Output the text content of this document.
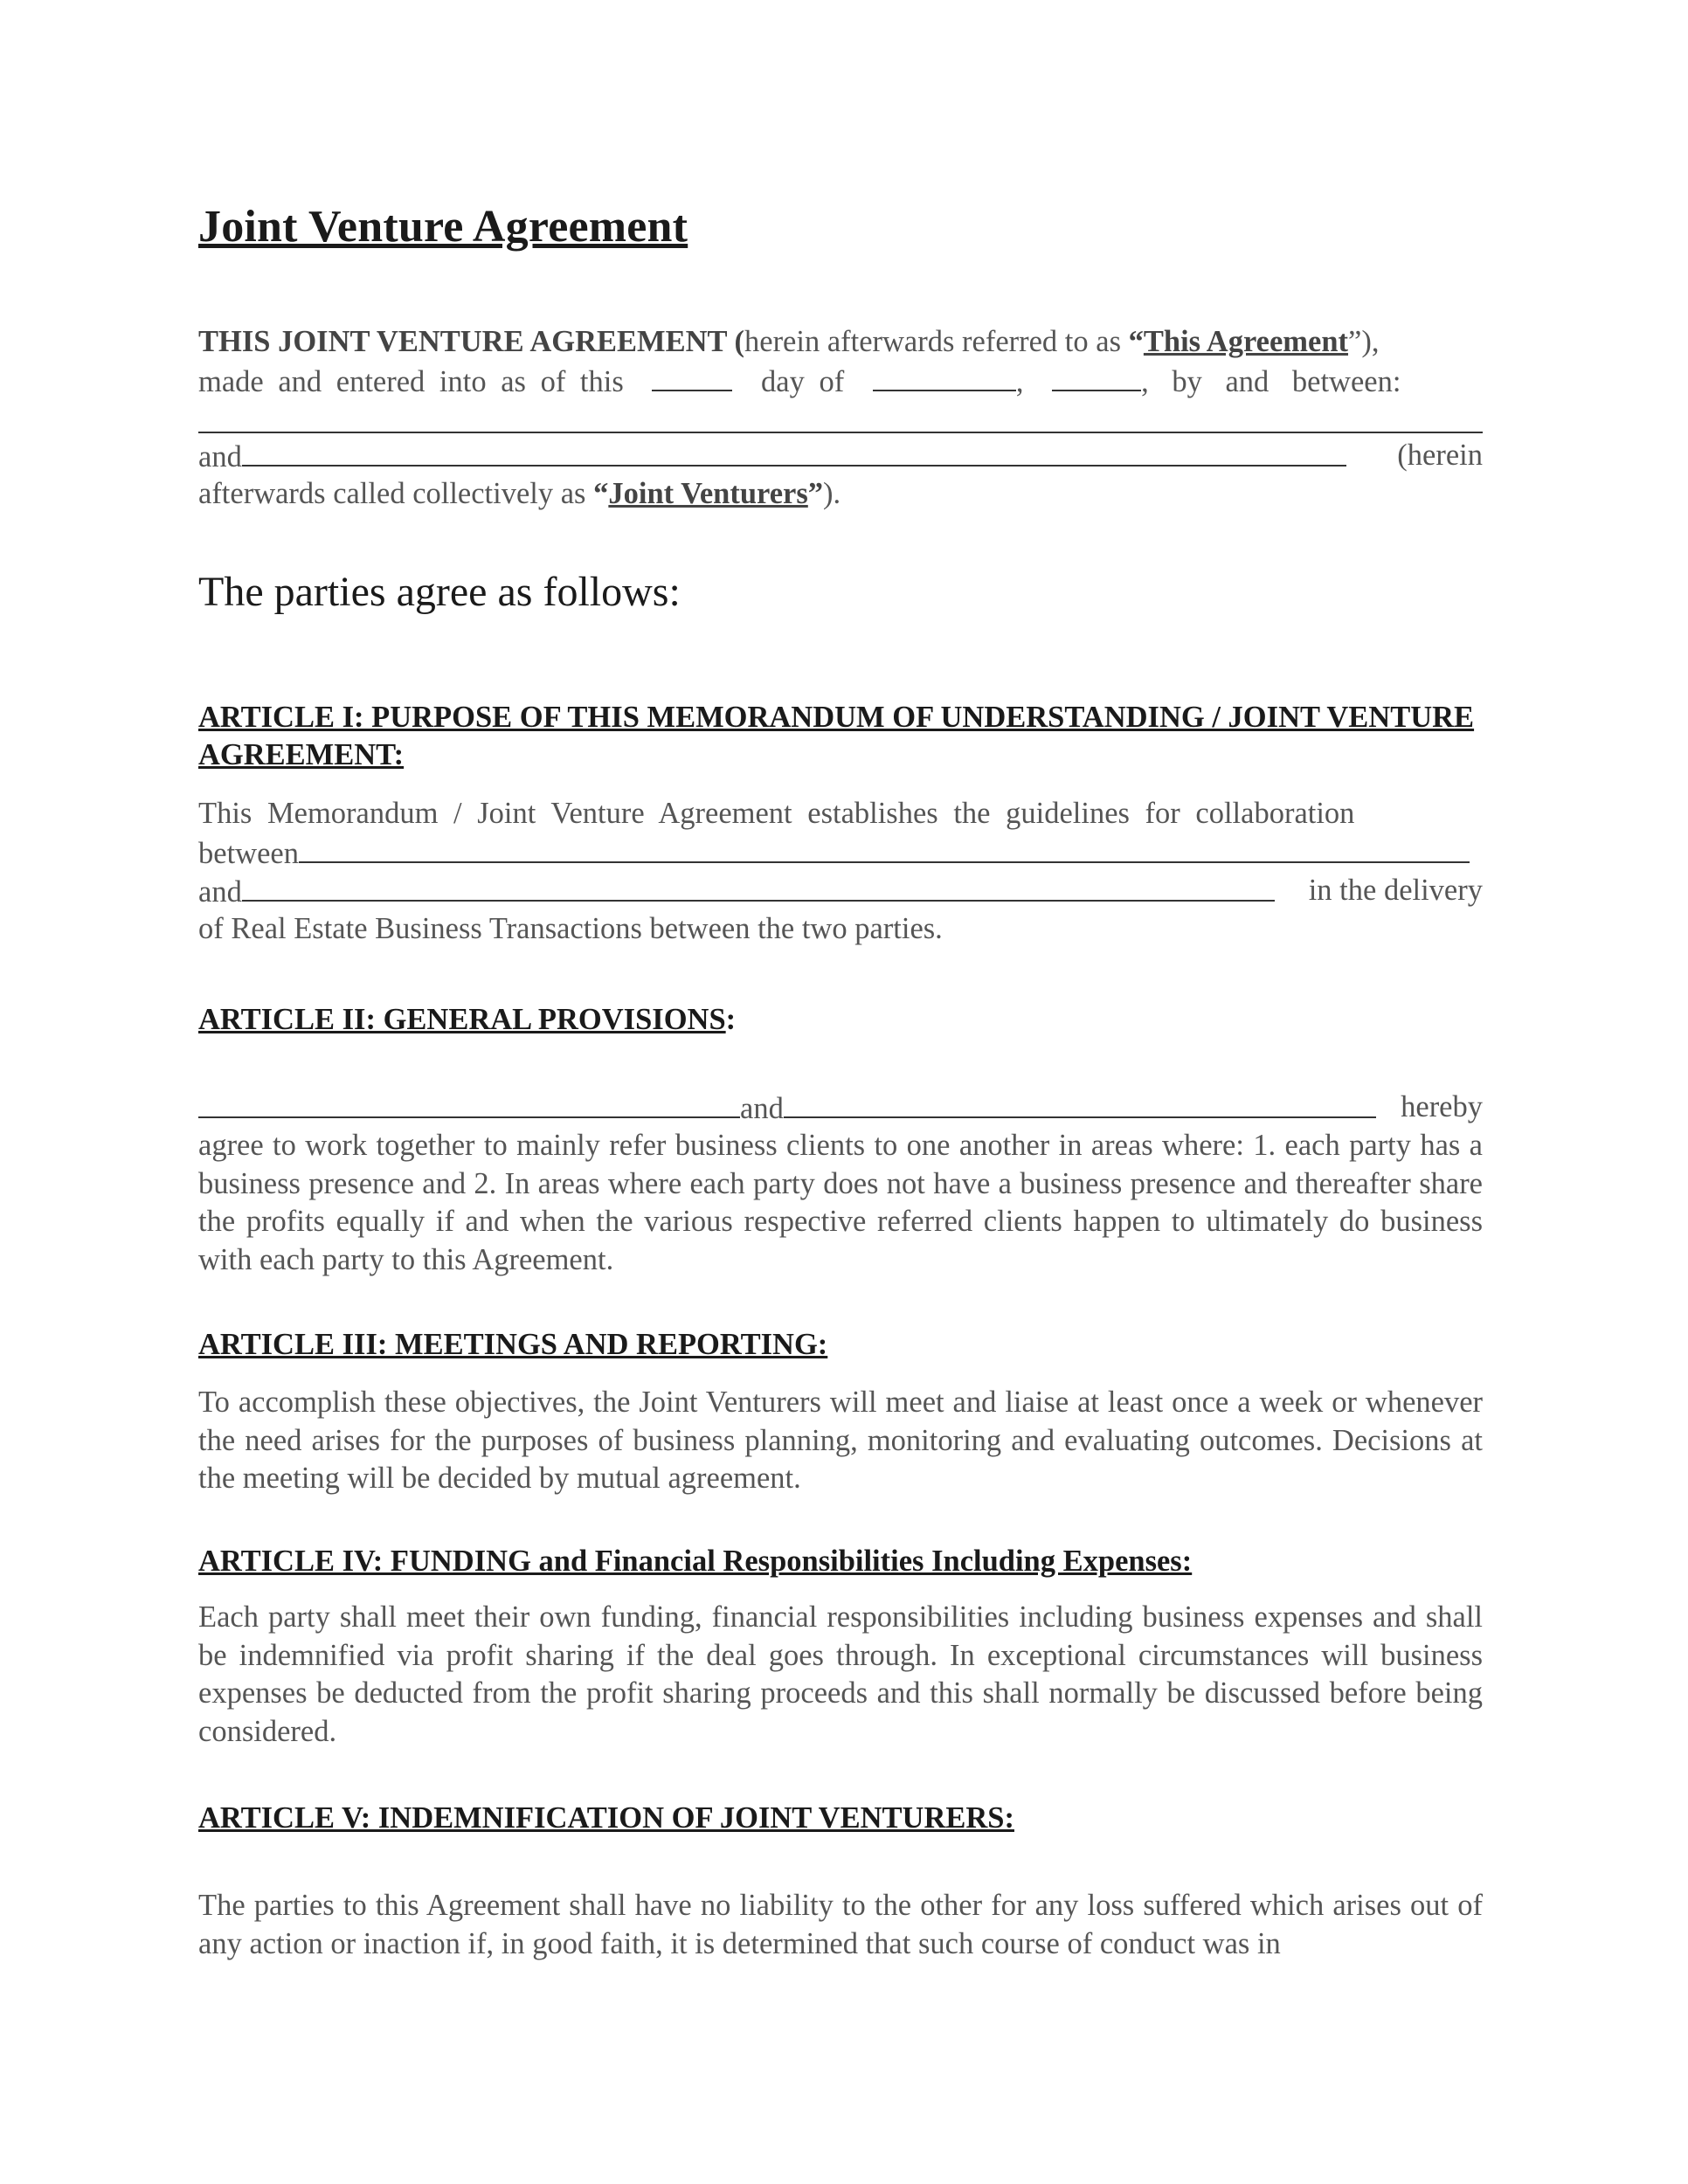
Joint Venture Agreement
THIS JOINT VENTURE AGREEMENT (herein afterwards referred to as “This Agreement”),
made and entered into as of this	day of	,	, by and between:
and	(herein
afterwards called collectively as “Joint Venturers”).
The parties agree as follows:
ARTICLE I: PURPOSE OF THIS MEMORANDUM OF UNDERSTANDING / JOINT VENTURE AGREEMENT:
This Memorandum / Joint Venture Agreement establishes the guidelines for collaboration
between
and	in the delivery
of Real Estate Business Transactions between the two parties.
ARTICLE II: GENERAL PROVISIONS:
and	hereby

agree to work together to mainly refer business clients to one another in areas where: 1. each party has a business presence and 2. In areas where each party does not have a business presence and thereafter share the profits equally if and when the various respective referred clients happen to ultimately do business with each party to this Agreement.

ARTICLE III: MEETINGS AND REPORTING:

To accomplish these objectives, the Joint Venturers will meet and liaise at least once a week or whenever the need arises for the purposes of business planning, monitoring and evaluating outcomes. Decisions at the meeting will be decided by mutual agreement.

ARTICLE IV: FUNDING and Financial Responsibilities Including Expenses:

Each party shall meet their own funding, financial responsibilities including business expenses and shall be indemnified via profit sharing if the deal goes through. In exceptional circumstances will business expenses be deducted from the profit sharing proceeds and this shall normally be discussed before being considered.

ARTICLE V: INDEMNIFICATION OF JOINT VENTURERS:

The parties to this Agreement shall have no liability to the other for any loss suffered which arises out of any action or inaction if, in good faith, it is determined that such course of conduct was in
